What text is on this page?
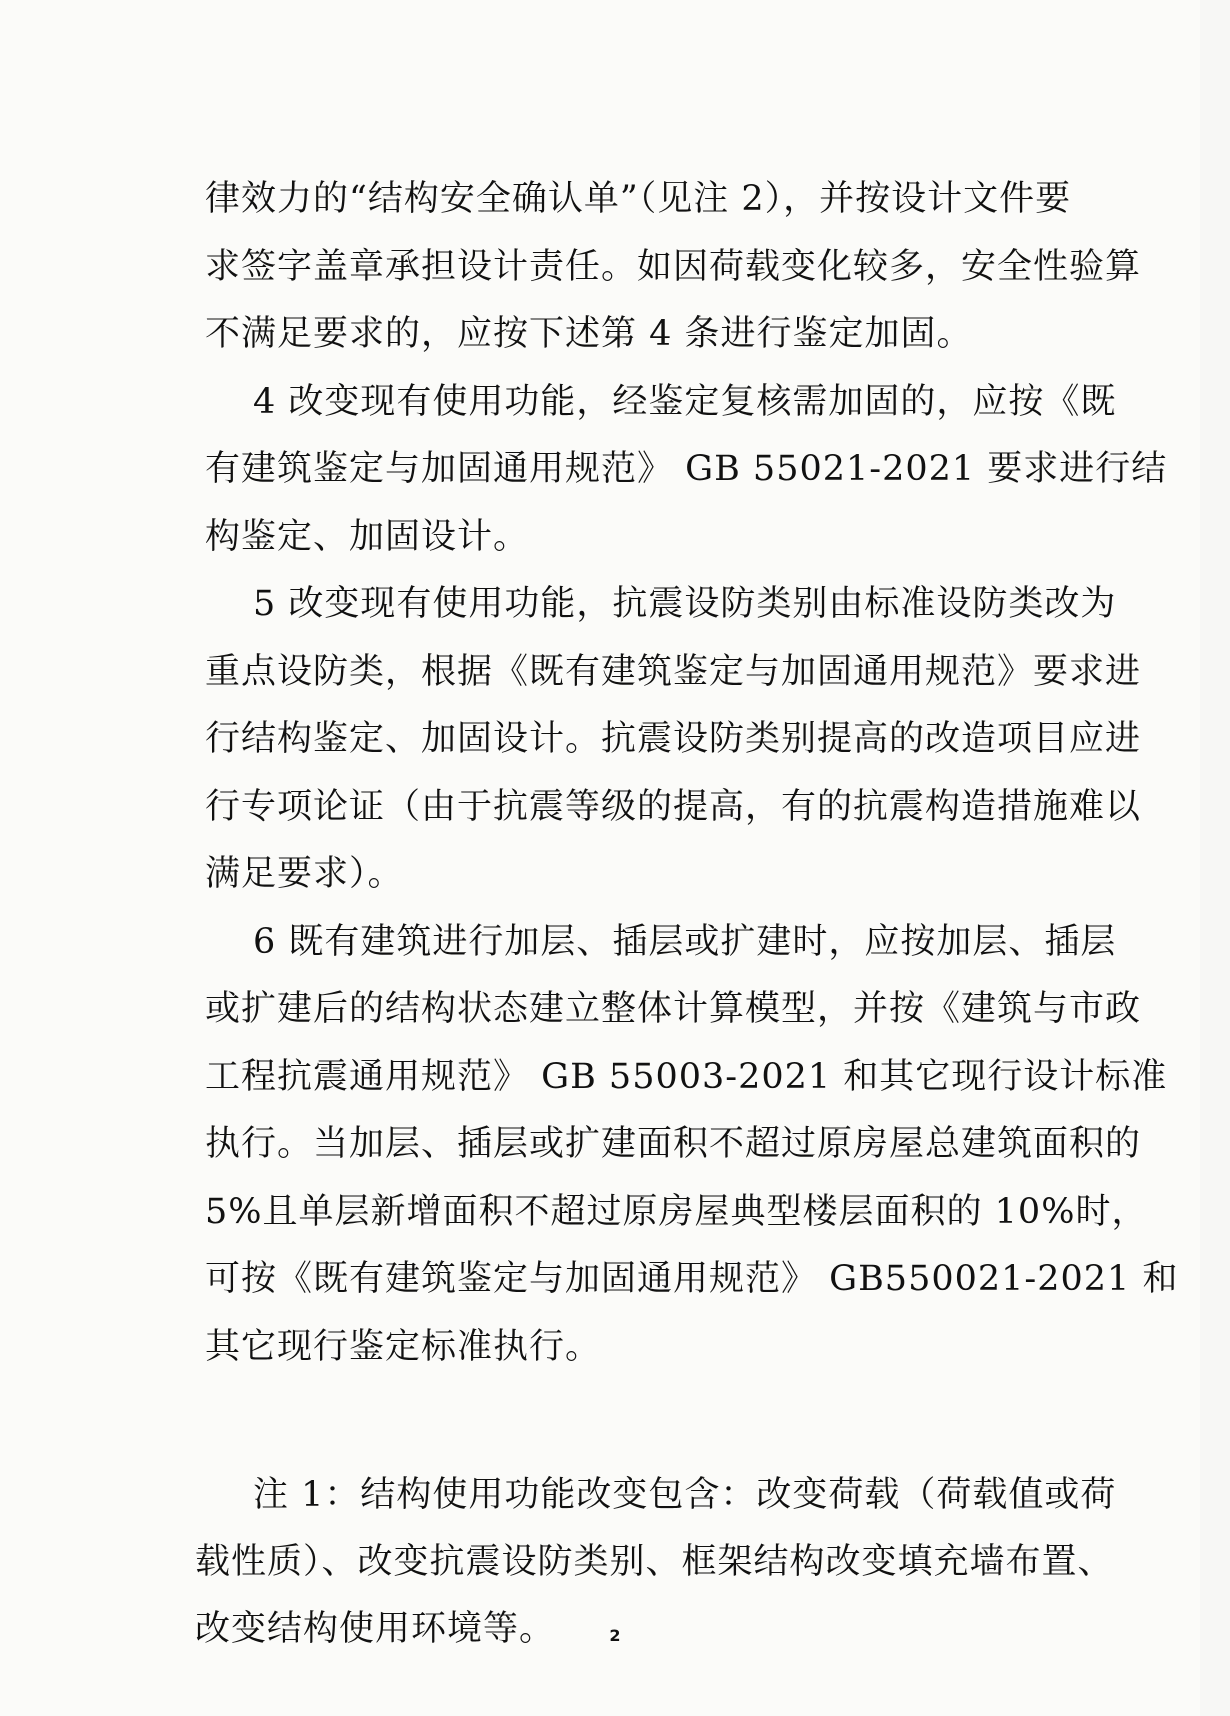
律效力的“结构安全确认单”（见注 2），并按设计文件要
求签字盖章承担设计责任。如因荷载变化较多，安全性验算
不满足要求的，应按下述第 4 条进行鉴定加固。

4 改变现有使用功能，经鉴定复核需加固的，应按《既
有建筑鉴定与加固通用规范》 GB 55021-2021 要求进行结
构鉴定、加固设计。

5 改变现有使用功能，抗震设防类别由标准设防类改为
重点设防类，根据《既有建筑鉴定与加固通用规范》要求进
行结构鉴定、加固设计。抗震设防类别提高的改造项目应进
行专项论证（由于抗震等级的提高，有的抗震构造措施难以
满足要求）。

6 既有建筑进行加层、插层或扩建时，应按加层、插层
或扩建后的结构状态建立整体计算模型，并按《建筑与市政
工程抗震通用规范》 GB 55003-2021 和其它现行设计标准
执行。当加层、插层或扩建面积不超过原房屋总建筑面积的
5%且单层新增面积不超过原房屋典型楼层面积的 10%时，
可按《既有建筑鉴定与加固通用规范》 GB550021-2021 和
其它现行鉴定标准执行。

注 1：结构使用功能改变包含：改变荷载（荷载值或荷
载性质）、改变抗震设防类别、框架结构改变填充墙布置、
改变结构使用环境等。	2
